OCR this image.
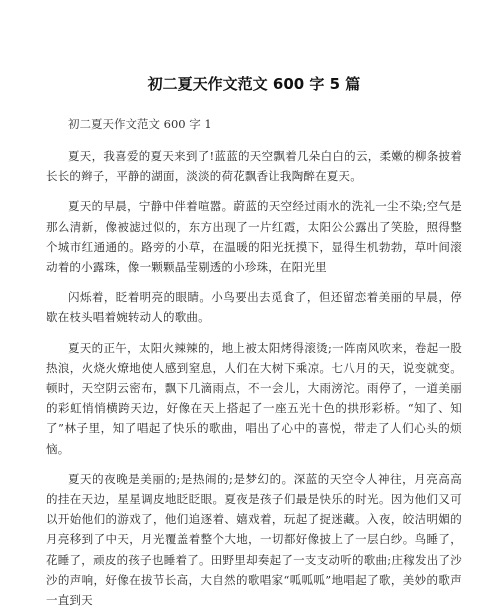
初二夏天作文范文 600 字 5 篇
初二夏天作文范文 600 字 1

夏天，我喜爱的夏天来到了!蓝蓝的天空飘着几朵白白的云，柔嫩的柳条披着长长的辫子，平静的湖面，淡淡的荷花飘香让我陶醉在夏天。

夏天的早晨，宁静中伴着喧嚣。蔚蓝的天空经过雨水的洗礼一尘不染;空气是那么清新，像被滤过似的，东方出现了一片红霞，太阳公公露出了笑脸，照得整个城市红通通的。路旁的小草，在温暖的阳光抚摸下，显得生机勃勃，草叶间滚动着的小露珠，像一颗颗晶莹剔透的小珍珠，在阳光里

闪烁着，眨着明亮的眼睛。小鸟要出去觅食了，但还留恋着美丽的早晨，停歇在枝头唱着婉转动人的歌曲。

夏天的正午，太阳火辣辣的，地上被太阳烤得滚烫;一阵南风吹来，卷起一股热浪，火烧火燎地使人感到窒息，人们在大树下乘凉。七八月的天，说变就变。顿时，天空阴云密布，飘下几滴雨点，不一会儿，大雨滂沱。雨停了，一道美丽的彩虹悄悄横跨天边，好像在天上搭起了一座五光十色的拱形彩桥。“知了、知了”林子里，知了唱起了快乐的歌曲，唱出了心中的喜悦，带走了人们心头的烦恼。

夏天的夜晚是美丽的;是热闹的;是梦幻的。深蓝的天空令人神往，月亮高高的挂在天边，星星调皮地眨眨眼。夏夜是孩子们最是快乐的时光。因为他们又可以开始他们的游戏了，他们追逐着、嬉戏着，玩起了捉迷藏。入夜，皎洁明媚的月亮移到了中天，月光覆盖着整个大地，一切都好像披上了一层白纱。鸟睡了，花睡了，顽皮的孩子也睡着了。田野里却奏起了一支支动听的歌曲;庄稼发出了沙沙的声响，好像在拔节长高，大自然的歌唱家“呱呱呱”地唱起了歌，美妙的歌声一直到天
